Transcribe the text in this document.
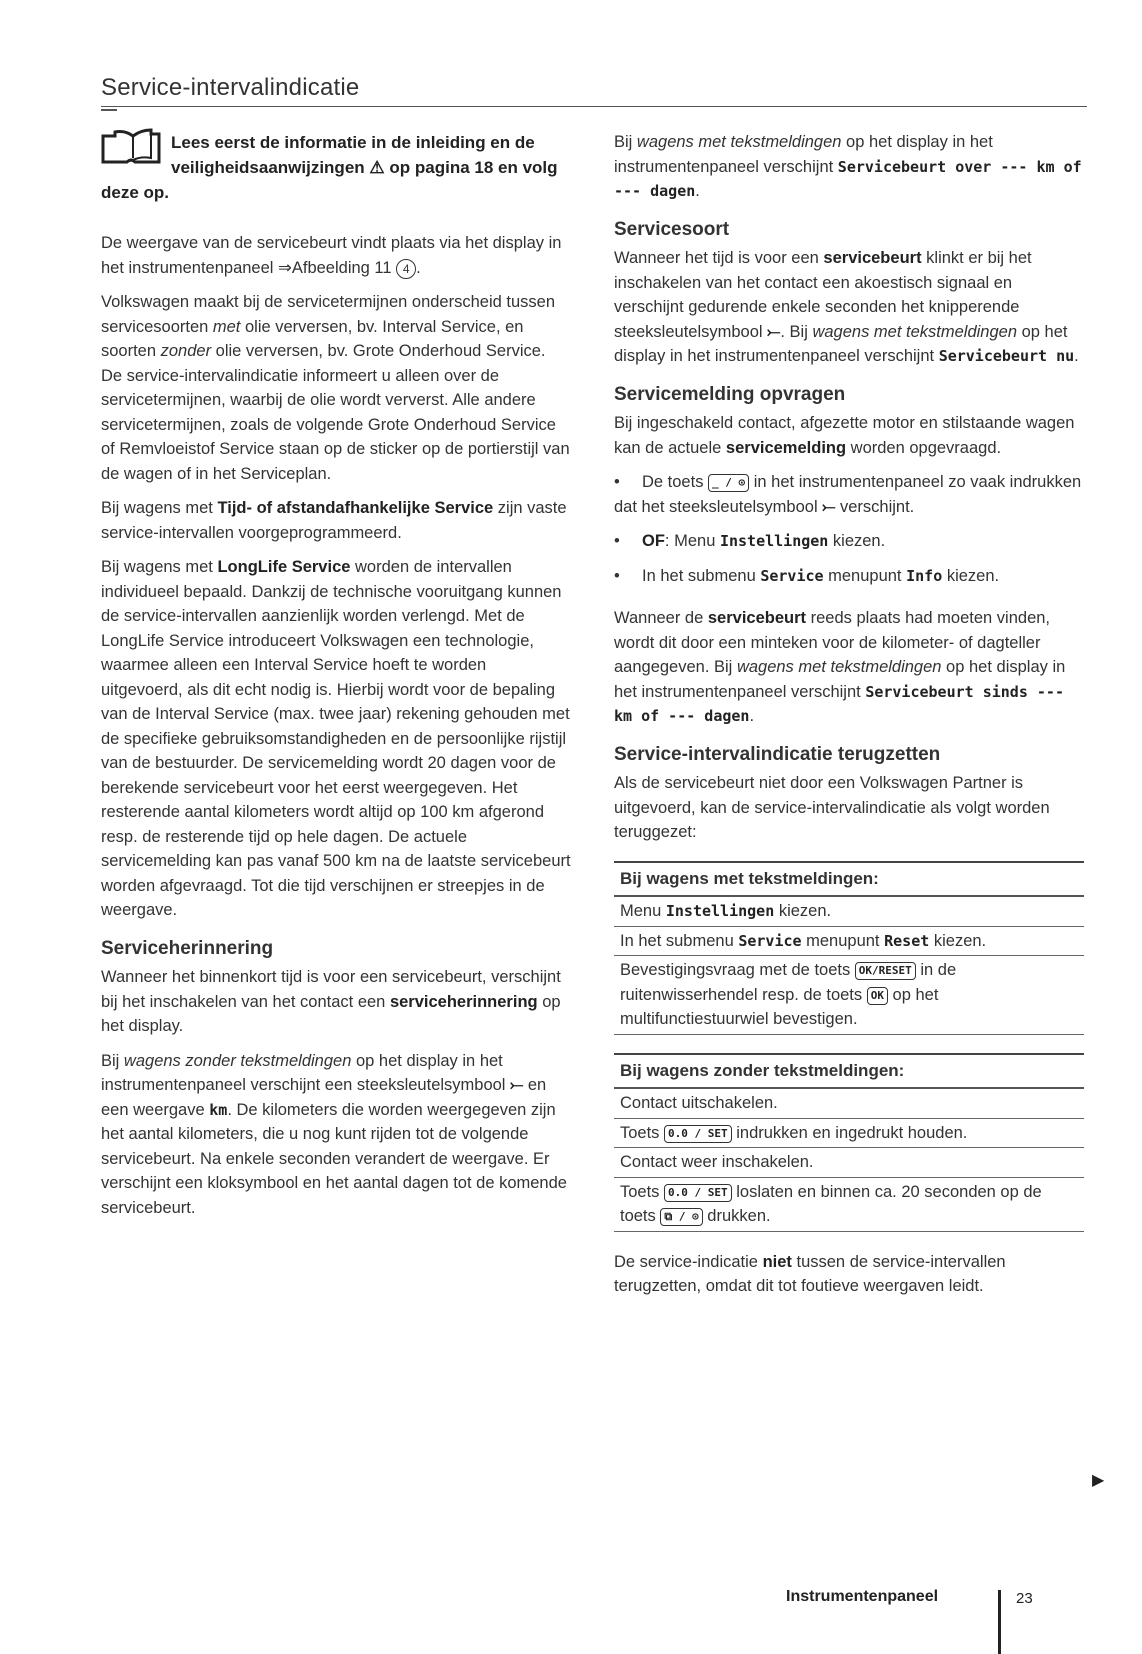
Service-intervalindicatie
Lees eerst de informatie in de inleiding en de veiligheidsaanwijzingen ⚠ op pagina 18 en volg deze op.

De weergave van de servicebeurt vindt plaats via het display in het instrumentenpaneel ⇒Afbeelding 11 4 .

Volkswagen maakt bij de servicetermijnen onderscheid tussen servicesoorten met olie verversen, bv. Interval Service, en soorten zonder olie verversen, bv. Grote Onderhoud Service. De service-intervalindicatie informeert u alleen over de servicetermijnen, waarbij de olie wordt ververst. Alle andere servicetermijnen, zoals de volgende Grote Onderhoud Service of Remvloeistof Service staan op de sticker op de portierstijl van de wagen of in het Serviceplan.

Bij wagens met Tijd- of afstandafhankelijke Service zijn vaste service-intervallen voorgeprogrammeerd.

Bij wagens met LongLife Service worden de intervallen individueel bepaald. Dankzij de technische vooruitgang kunnen de service-intervallen aanzienlijk worden verlengd. Met de LongLife Service introduceert Volkswagen een technologie, waarmee alleen een Interval Service hoeft te worden uitgevoerd, als dit echt nodig is. Hierbij wordt voor de bepaling van de Interval Service (max. twee jaar) rekening gehouden met de specifieke gebruiksomstandigheden en de persoonlijke rijstijl van de bestuurder. De servicemelding wordt 20 dagen voor de berekende servicebeurt voor het eerst weergegeven. Het resterende aantal kilometers wordt altijd op 100 km afgerond resp. de resterende tijd op hele dagen. De actuele servicemelding kan pas vanaf 500 km na de laatste servicebeurt worden afgevraagd. Tot die tijd verschijnen er streepjes in de weergave.

Serviceherinnering

Wanneer het binnenkort tijd is voor een servicebeurt, verschijnt bij het inschakelen van het contact een serviceherinnering op het display.

Bij wagens zonder tekstmeldingen op het display in het instrumentenpaneel verschijnt een steeksleutelsymbool ⤚ en een weergave km. De kilometers die worden weergegeven zijn het aantal kilometers, die u nog kunt rijden tot de volgende servicebeurt. Na enkele seconden verandert de weergave. Er verschijnt een kloksymbool en het aantal dagen tot de komende servicebeurt.

Bij wagens met tekstmeldingen op het display in het instrumentenpaneel verschijnt Servicebeurt over --- km of --- dagen.

Servicesoort

Wanneer het tijd is voor een servicebeurt klinkt er bij het inschakelen van het contact een akoestisch signaal en verschijnt gedurende enkele seconden het knipperende steeksleutelsymbool ⤚. Bij wagens met tekstmeldingen op het display in het instrumentenpaneel verschijnt Servicebeurt nu.

Servicemelding opvragen

Bij ingeschakeld contact, afgezette motor en stilstaande wagen kan de actuele servicemelding worden opgevraagd.

• De toets _ / ⊙ in het instrumentenpaneel zo vaak indrukken dat het steeksleutelsymbool ⤚ verschijnt.

• OF: Menu Instellingen kiezen.

• In het submenu Service menupunt Info kiezen.

Wanneer de servicebeurt reeds plaats had moeten vinden, wordt dit door een minteken voor de kilometer- of dagteller aangegeven. Bij wagens met tekstmeldingen op het display in het instrumentenpaneel verschijnt Servicebeurt sinds --- km of --- dagen.

Service-intervalindicatie terugzetten

Als de servicebeurt niet door een Volkswagen Partner is uitgevoerd, kan de service-intervalindicatie als volgt worden teruggezet:

Bij wagens met tekstmeldingen:
Menu Instellingen kiezen.
In het submenu Service menupunt Reset kiezen.
Bevestigingsvraag met de toets OK/RESET in de ruitenwisserhendel resp. de toets OK op het multifunctiestuurwiel bevestigen.
Bij wagens zonder tekstmeldingen:
Contact uitschakelen.
Toets 0.0 / SET indrukken en ingedrukt houden.
Contact weer inschakelen.
Toets 0.0 / SET loslaten en binnen ca. 20 seconden op de toets ⧉ / ⊙ drukken.

De service-indicatie niet tussen de service-intervallen terugzetten, omdat dit tot foutieve weergaven leidt.

▶
Instrumentenpaneel	23
